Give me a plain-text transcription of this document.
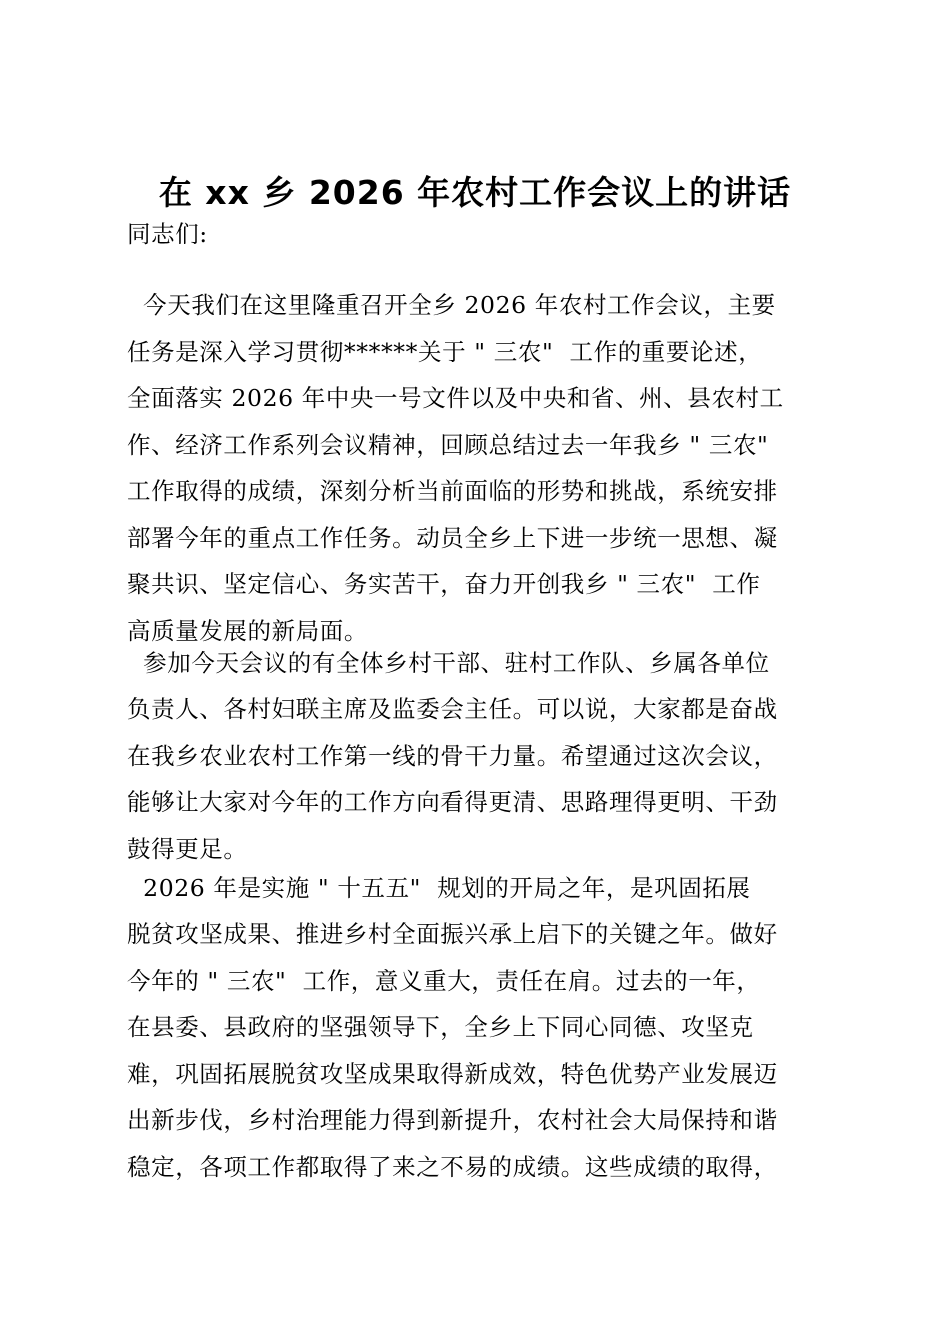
在 xx 乡 2026 年农村工作会议上的讲话
同志们:
今天我们在这里隆重召开全乡 2026 年农村工作会议，主要
任务是深入学习贯彻******关于 " 三农"  工作的重要论述，
全面落实 2026 年中央一号文件以及中央和省、州、县农村工
作、经济工作系列会议精神，回顾总结过去一年我乡 " 三农"
工作取得的成绩，深刻分析当前面临的形势和挑战，系统安排
部署今年的重点工作任务。动员全乡上下进一步统一思想、凝
聚共识、坚定信心、务实苦干，奋力开创我乡 " 三农"  工作
高质量发展的新局面。
参加今天会议的有全体乡村干部、驻村工作队、乡属各单位
负责人、各村妇联主席及监委会主任。可以说，大家都是奋战
在我乡农业农村工作第一线的骨干力量。希望通过这次会议，
能够让大家对今年的工作方向看得更清、思路理得更明、干劲
鼓得更足。
2026 年是实施 " 十五五"  规划的开局之年，是巩固拓展
脱贫攻坚成果、推进乡村全面振兴承上启下的关键之年。做好
今年的 " 三农"  工作，意义重大，责任在肩。过去的一年，
在县委、县政府的坚强领导下，全乡上下同心同德、攻坚克
难，巩固拓展脱贫攻坚成果取得新成效，特色优势产业发展迈
出新步伐，乡村治理能力得到新提升，农村社会大局保持和谐
稳定，各项工作都取得了来之不易的成绩。这些成绩的取得，
